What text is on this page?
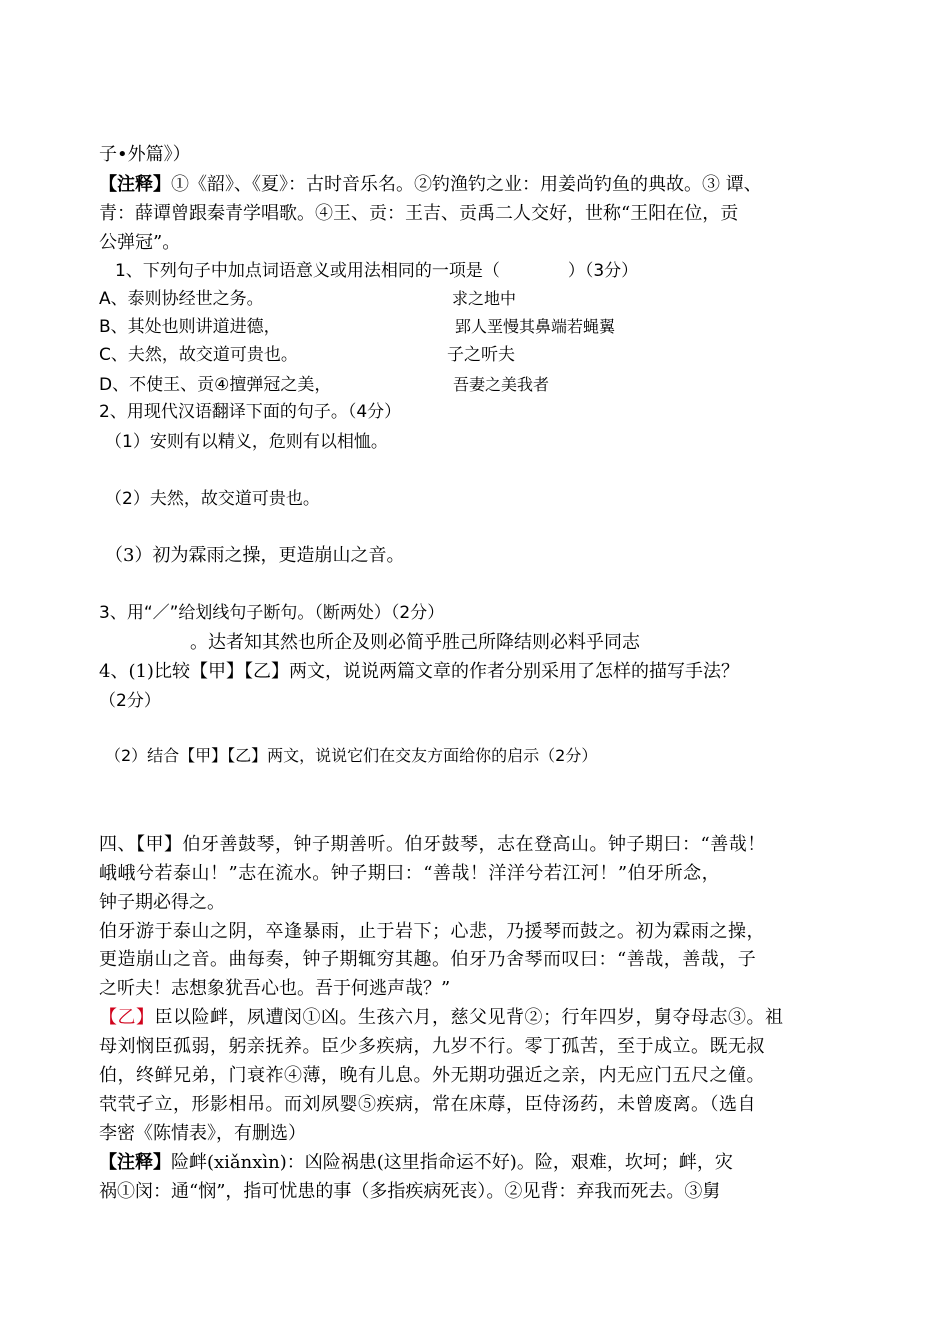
子•外篇》）
【注释】①《韶》、《夏》：古时音乐名。②钓渔钓之业：用姜尚钓鱼的典故。③ 谭、
青：薛谭曾跟秦青学唱歌。④王、贡：王吉、贡禹二人交好，世称“王阳在位，贡
公弹冠”。
1、下列句子中加点词语意义或用法相同的一项是（　　　　）（3分）
A、泰则协经世之务。	求之地中
B、其处也则讲道进德，	郢人垩慢其鼻端若蝇翼
C、夫然，故交道可贵也。	子之听夫
D、不使王、贡④擅弹冠之美，	吾妻之美我者
2、用现代汉语翻译下面的句子。（4分）
（1）安则有以精义，危则有以相恤。
（2）夫然，故交道可贵也。
（3）初为霖雨之操，更造崩山之音。
3、用“／”给划线句子断句。（断两处）（2分）
。达者知其然也所企及则必简乎胜己所降结则必料乎同志
4、(1)比较【甲】【乙】两文，说说两篇文章的作者分别采用了怎样的描写手法？
（2分）
（2）结合【甲】【乙】两文，说说它们在交友方面给你的启示（2分）
四、【甲】伯牙善鼓琴，钟子期善听。伯牙鼓琴，志在登高山。钟子期曰：“善哉！
峨峨兮若泰山！”志在流水。钟子期曰：“善哉！洋洋兮若江河！”伯牙所念，
钟子期必得之。
伯牙游于泰山之阴，卒逢暴雨，止于岩下；心悲，乃援琴而鼓之。初为霖雨之操，
更造崩山之音。曲每奏，钟子期辄穷其趣。伯牙乃舍琴而叹曰：“善哉，善哉，子
之听夫！志想象犹吾心也。吾于何逃声哉？”
【乙】臣以险衅，夙遭闵①凶。生孩六月，慈父见背②；行年四岁，舅夺母志③。祖
母刘悯臣孤弱，躬亲抚养。臣少多疾病，九岁不行。零丁孤苦，至于成立。既无叔
伯，终鲜兄弟，门衰祚④薄，晚有儿息。外无期功强近之亲，内无应门五尺之僮。
茕茕孑立，形影相吊。而刘夙婴⑤疾病，常在床蓐，臣侍汤药，未曾废离。（选自
李密《陈情表》，有删选）
【注释】险衅(xiǎnxìn)：凶险祸患(这里指命运不好)。险，艰难，坎坷；衅，灾
祸①闵：通“悯”，指可忧患的事（多指疾病死丧）。②见背：弃我而死去。③舅
